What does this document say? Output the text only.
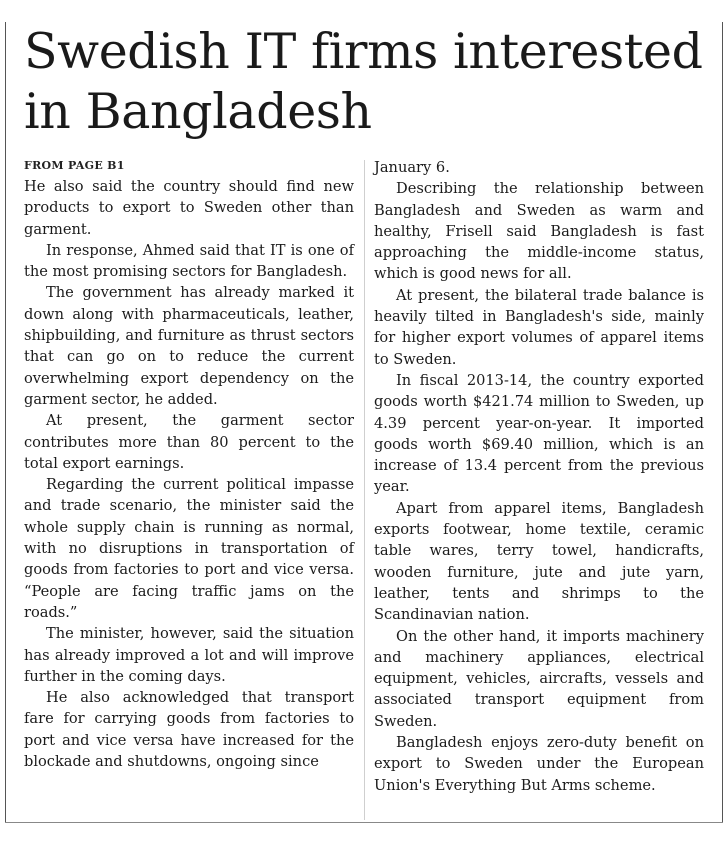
Swedish IT firms interested in Bangladesh
FROM PAGE B1

He also said the country should find new products to export to Sweden other than garment.

In response, Ahmed said that IT is one of the most promising sectors for Bangladesh.

The government has already marked it down along with pharmaceuticals, leather, shipbuilding, and furniture as thrust sectors that can go on to reduce the current overwhelming export dependency on the garment sector, he added.

At present, the garment sector contributes more than 80 percent to the total export earnings.

Regarding the current political impasse and trade scenario, the minister said the whole supply chain is running as normal, with no disruptions in transportation of goods from factories to port and vice versa. “People are facing traffic jams on the roads.”

The minister, however, said the situation has already improved a lot and will improve further in the coming days.

He also acknowledged that transport fare for carrying goods from factories to port and vice versa have increased for the blockade and shutdowns, ongoing since

January 6.

Describing the relationship between Bangladesh and Sweden as warm and healthy, Frisell said Bangladesh is fast approaching the middle-income status, which is good news for all.

At present, the bilateral trade balance is heavily tilted in Bangladesh's side, mainly for higher export volumes of apparel items to Sweden.

In fiscal 2013-14, the country exported goods worth $421.74 million to Sweden, up 4.39 percent year-on-year. It imported goods worth $69.40 million, which is an increase of 13.4 percent from the previous year.

Apart from apparel items, Bangladesh exports footwear, home textile, ceramic table wares, terry towel, handicrafts, wooden furniture, jute and jute yarn, leather, tents and shrimps to the Scandinavian nation.

On the other hand, it imports machinery and machinery appliances, electrical equipment, vehicles, aircrafts, vessels and associated transport equipment from Sweden.

Bangladesh enjoys zero-duty benefit on export to Sweden under the European Union's Everything But Arms scheme.
